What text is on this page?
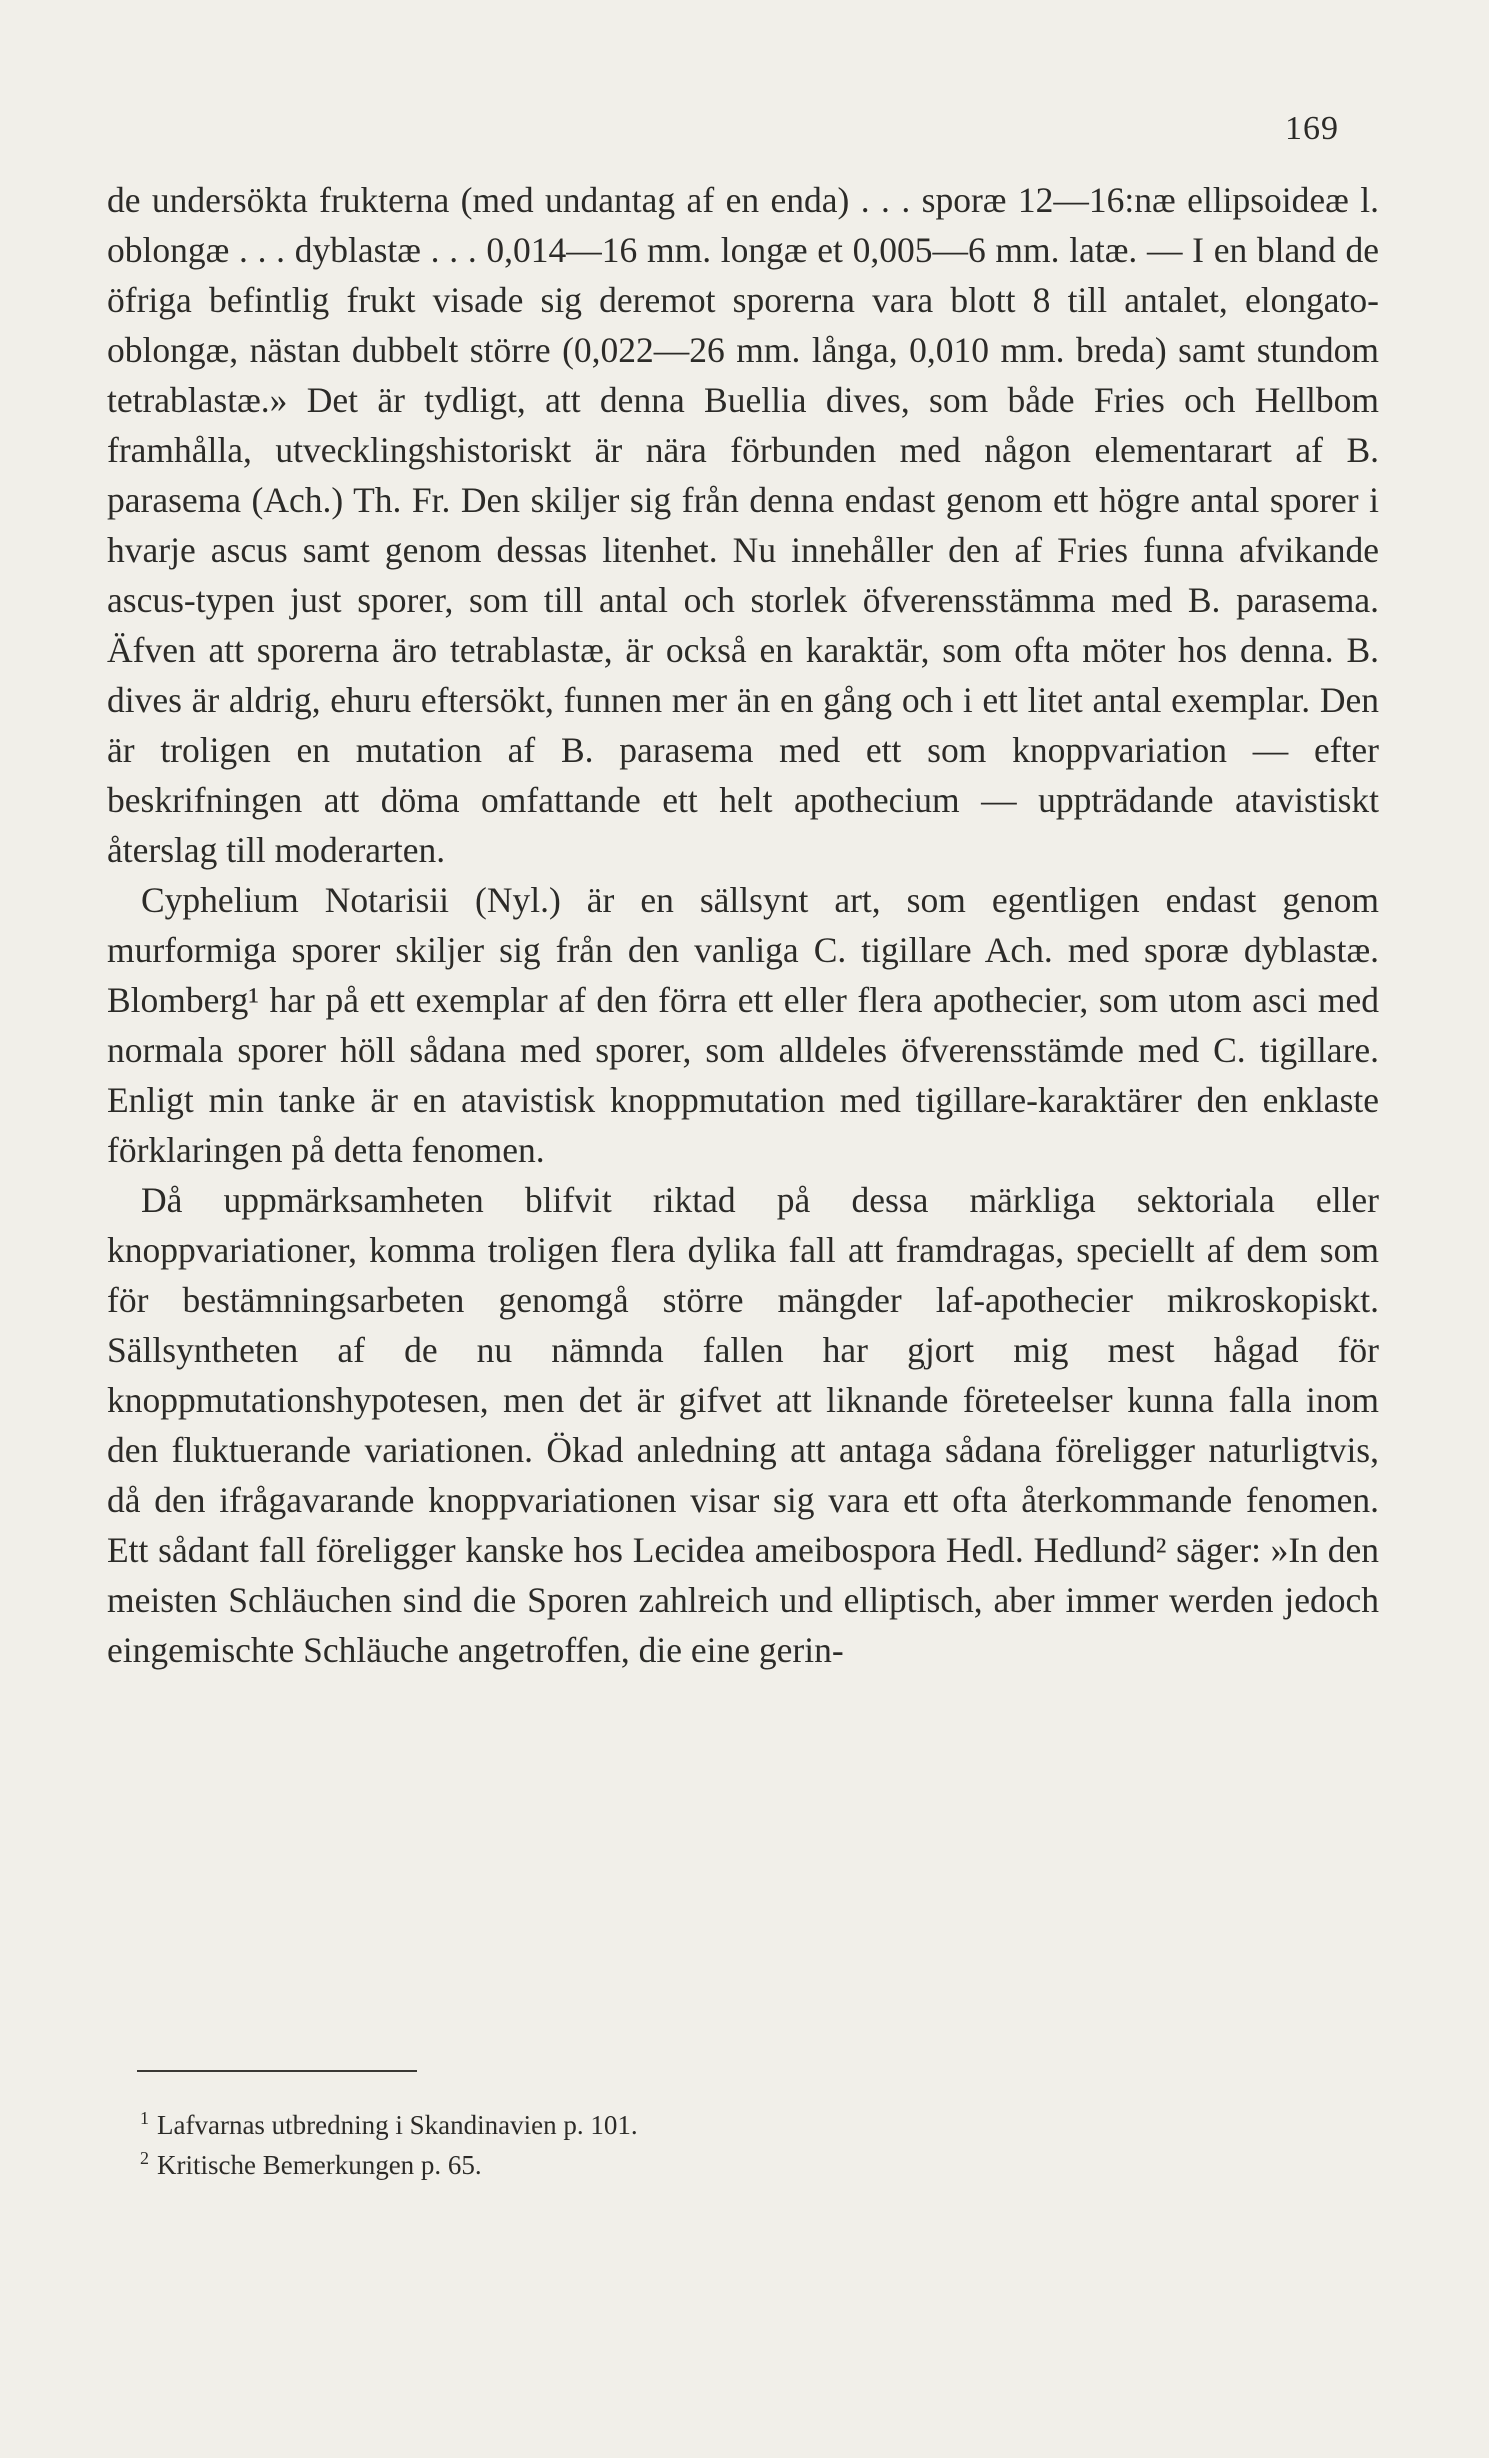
169

de undersökta frukterna (med undantag af en enda) . . . sporæ 12—16:næ ellipsoideæ l. oblongæ . . . dyblastæ . . . 0,014—16 mm. longæ et 0,005—6 mm. latæ. — I en bland de öfriga befintlig frukt visade sig deremot sporerna vara blott 8 till antalet, elongato-oblongæ, nästan dubbelt större (0,022—26 mm. långa, 0,010 mm. breda) samt stundom tetrablastæ.» Det är tydligt, att denna Buellia dives, som både Fries och Hellbom framhålla, utvecklingshistoriskt är nära förbunden med någon elementarart af B. parasema (Ach.) Th. Fr. Den skiljer sig från denna endast genom ett högre antal sporer i hvarje ascus samt genom dessas litenhet. Nu innehåller den af Fries funna afvikande ascus-typen just sporer, som till antal och storlek öfverensstämma med B. parasema. Äfven att sporerna äro tetrablastæ, är också en karaktär, som ofta möter hos denna. B. dives är aldrig, ehuru eftersökt, funnen mer än en gång och i ett litet antal exemplar. Den är troligen en mutation af B. parasema med ett som knoppvariation — efter beskrifningen att döma omfattande ett helt apothecium — uppträdande atavistiskt återslag till moderarten.

Cyphelium Notarisii (Nyl.) är en sällsynt art, som egentligen endast genom murformiga sporer skiljer sig från den vanliga C. tigillare Ach. med sporæ dyblastæ. Blomberg¹ har på ett exemplar af den förra ett eller flera apothecier, som utom asci med normala sporer höll sådana med sporer, som alldeles öfverensstämde med C. tigillare. Enligt min tanke är en atavistisk knoppmutation med tigillare-karaktärer den enklaste förklaringen på detta fenomen.

Då uppmärksamheten blifvit riktad på dessa märkliga sektoriala eller knoppvariationer, komma troligen flera dylika fall att framdragas, speciellt af dem som för bestämningsarbeten genomgå större mängder laf-apothecier mikroskopiskt. Sällsyntheten af de nu nämnda fallen har gjort mig mest hågad för knoppmutationshypotesen, men det är gifvet att liknande företeelser kunna falla inom den fluktuerande variationen. Ökad anledning att antaga sådana föreligger naturligtvis, då den ifrågavarande knoppvariationen visar sig vara ett ofta återkommande fenomen. Ett sådant fall föreligger kanske hos Lecidea ameibospora Hedl. Hedlund² säger: »In den meisten Schläuchen sind die Sporen zahlreich und elliptisch, aber immer werden jedoch eingemischte Schläuche angetroffen, die eine gerin-

$^1$ Lafvarnas utbredning i Skandinavien p. 101.
$^2$ Kritische Bemerkungen p. 65.
